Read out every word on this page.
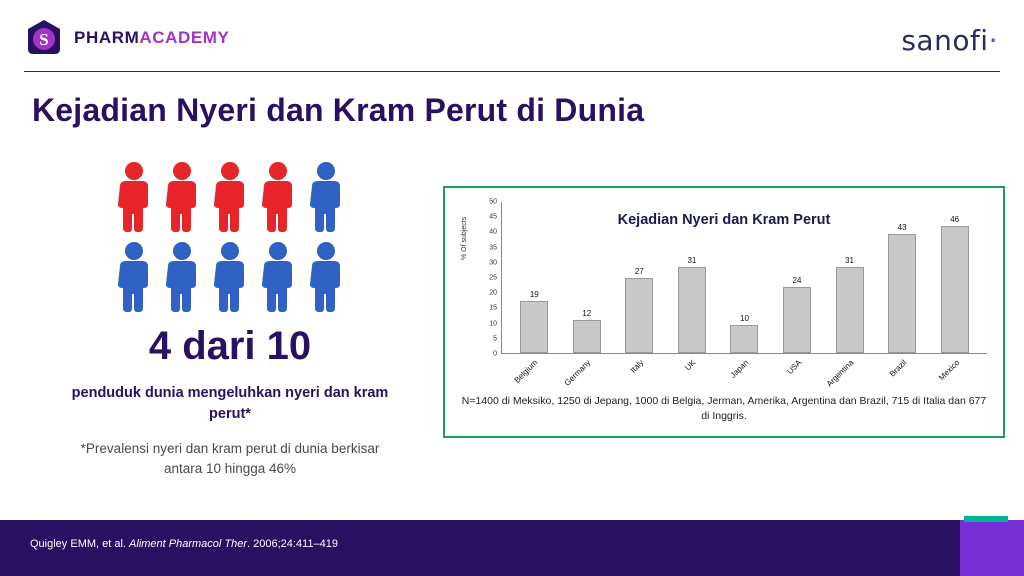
S PHARMACADEMY	sanofi·
Kejadian Nyeri dan Kram Perut di Dunia
4 dari 10
penduduk dunia mengeluhkan nyeri dan kram perut*
*Prevalensi nyeri dan kram perut di dunia berkisar antara 10 hingga 46%
Kejadian Nyeri dan Kram Perut
% Of subjects
0
5
10
15
20
25
30
35
40
45
50
19
12
27
31
10
24
31
43
46
Belgium	Germany	Italy	UK	Japan	USA	Argentina	Brazil	Mexico
N=1400 di Meksiko, 1250 di Jepang, 1000 di Belgia, Jerman, Amerika, Argentina dan Brazil, 715 di Italia dan 677 di Inggris.
Quigley EMM, et al. Aliment Pharmacol Ther. 2006;24:411–419
